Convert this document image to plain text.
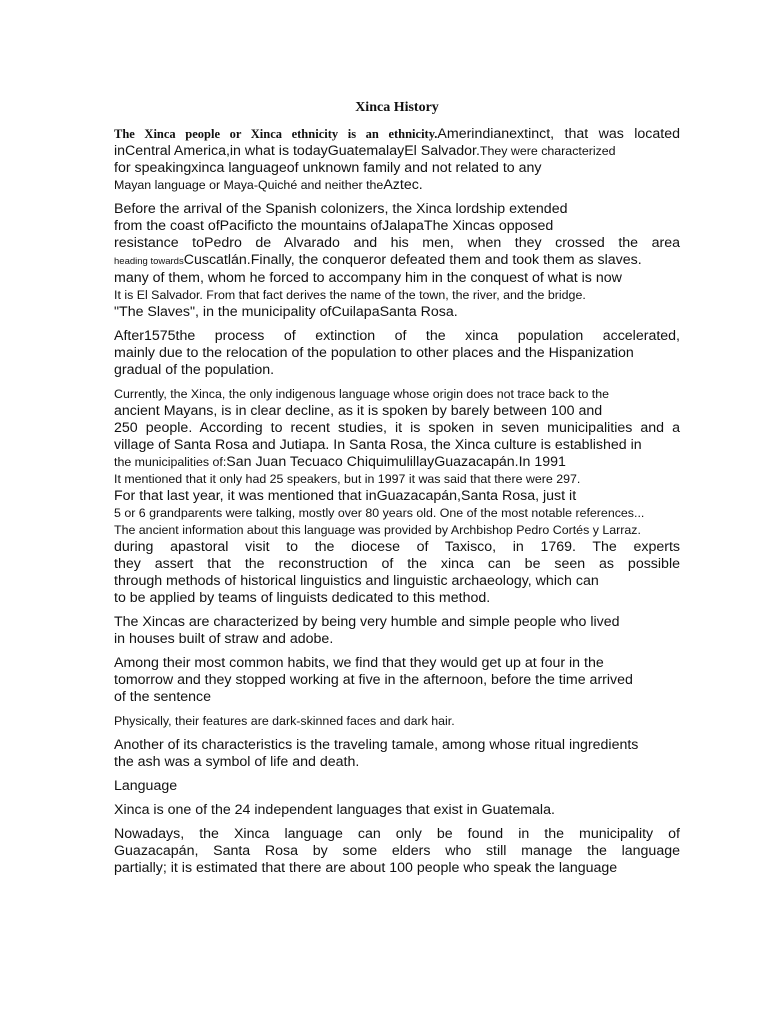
Xinca History

The Xinca people or Xinca ethnicity is an ethnicity.Amerindianextinct, that was located
inCentral America,in what is todayGuatemalayEl Salvador.They were characterized
for speakingxinca languageof unknown family and not related to any
Mayan language or Maya-Quiché and neither theAztec.

Before the arrival of the Spanish colonizers, the Xinca lordship extended
from the coast ofPacificto the mountains ofJalapaThe Xincas opposed
resistance toPedro de Alvarado and his men, when they crossed the area
heading towardsCuscatlán.Finally, the conqueror defeated them and took them as slaves.
many of them, whom he forced to accompany him in the conquest of what is now
It is El Salvador. From that fact derives the name of the town, the river, and the bridge.
"The Slaves", in the municipality ofCuilapaSanta Rosa.

After1575the process of extinction of the xinca population accelerated,
mainly due to the relocation of the population to other places and the Hispanization
gradual of the population.

Currently, the Xinca, the only indigenous language whose origin does not trace back to the
ancient Mayans, is in clear decline, as it is spoken by barely between 100 and
250 people. According to recent studies, it is spoken in seven municipalities and a
village of Santa Rosa and Jutiapa. In Santa Rosa, the Xinca culture is established in
the municipalities of:San Juan Tecuaco ChiquimulillayGuazacapán.In 1991
It mentioned that it only had 25 speakers, but in 1997 it was said that there were 297.
For that last year, it was mentioned that inGuazacapán,Santa Rosa, just it
5 or 6 grandparents were talking, mostly over 80 years old. One of the most notable references...
The ancient information about this language was provided by Archbishop Pedro Cortés y Larraz.
during apastoral visit to the diocese of Taxisco, in 1769. The experts
they assert that the reconstruction of the xinca can be seen as possible
through methods of historical linguistics and linguistic archaeology, which can
to be applied by teams of linguists dedicated to this method.

The Xincas are characterized by being very humble and simple people who lived
in houses built of straw and adobe.

Among their most common habits, we find that they would get up at four in the
tomorrow and they stopped working at five in the afternoon, before the time arrived
of the sentence

Physically, their features are dark-skinned faces and dark hair.

Another of its characteristics is the traveling tamale, among whose ritual ingredients
the ash was a symbol of life and death.

Language

Xinca is one of the 24 independent languages that exist in Guatemala.

Nowadays, the Xinca language can only be found in the municipality of
Guazacapán, Santa Rosa by some elders who still manage the language
partially; it is estimated that there are about 100 people who speak the language
